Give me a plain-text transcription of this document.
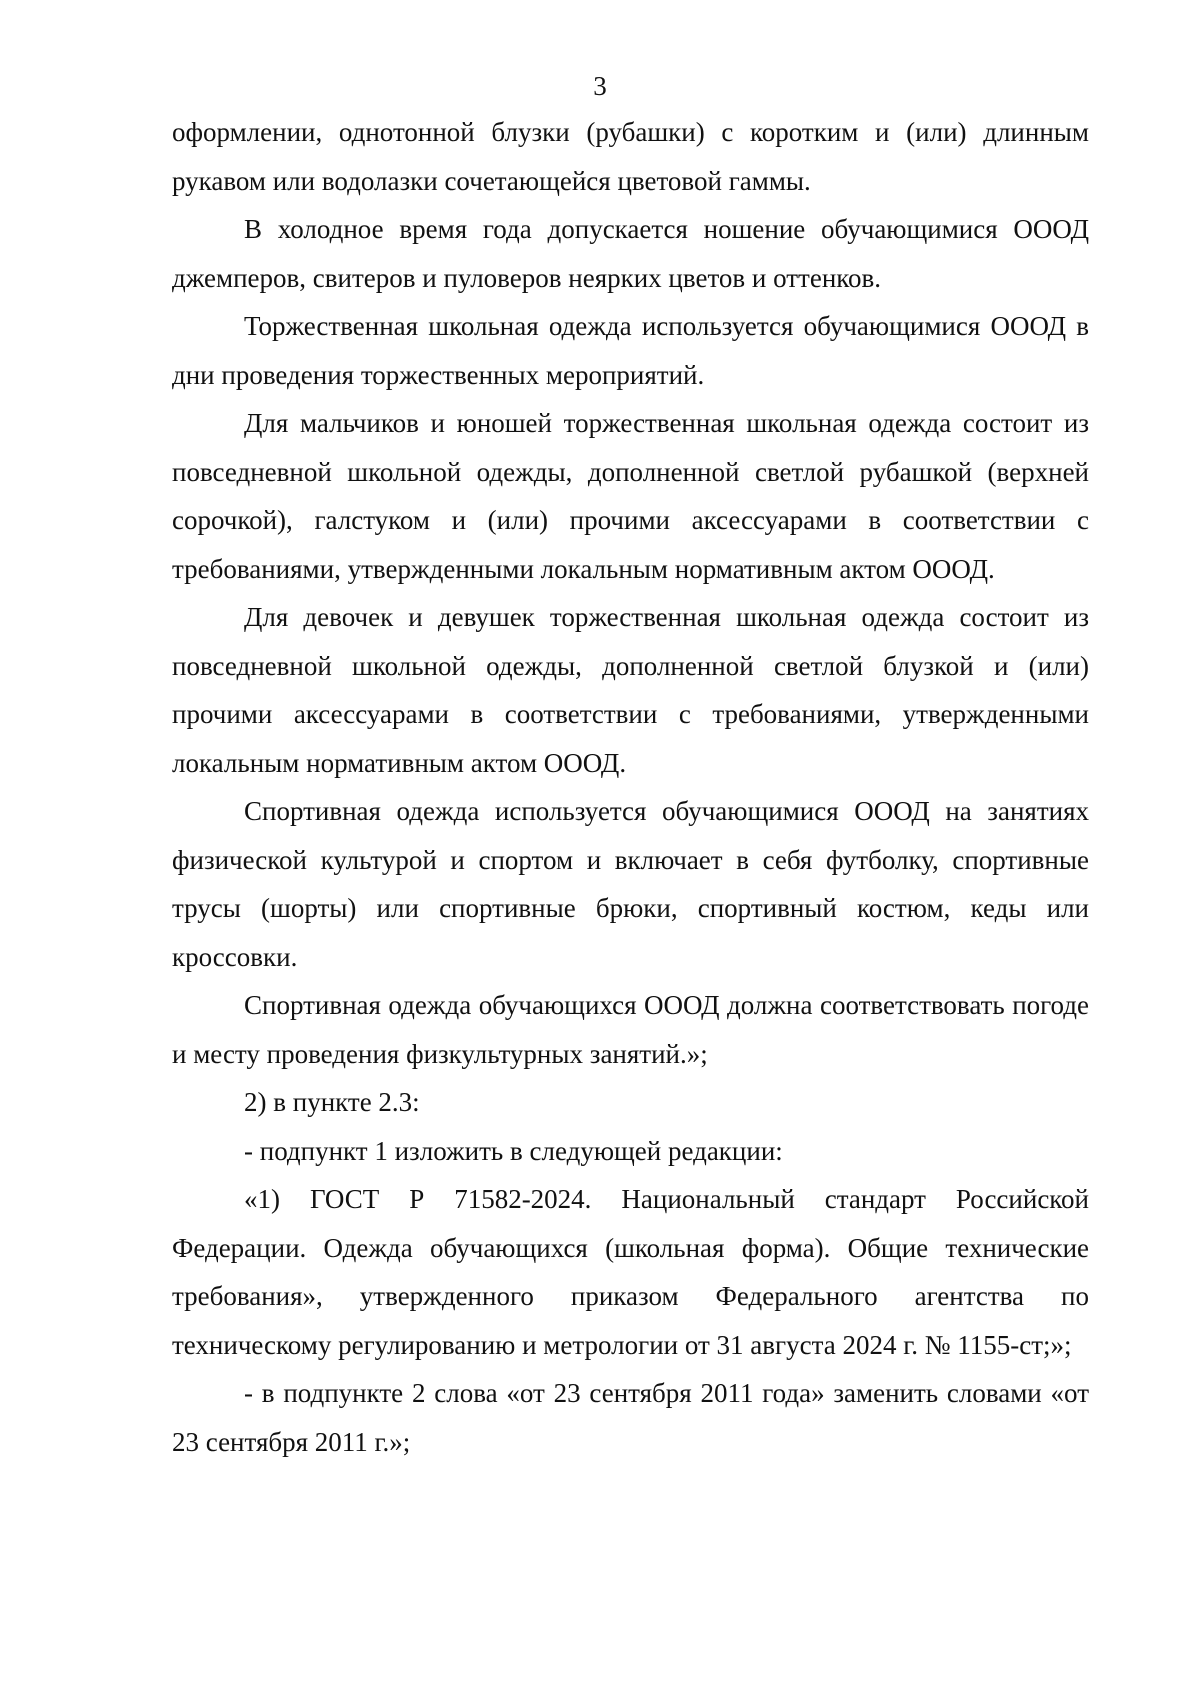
3

оформлении, однотонной блузки (рубашки) с коротким и (или) длинным рукавом или водолазки сочетающейся цветовой гаммы.

В холодное время года допускается ношение обучающимися ОООД джемперов, свитеров и пуловеров неярких цветов и оттенков.

Торжественная школьная одежда используется обучающимися ОООД в дни проведения торжественных мероприятий.

Для мальчиков и юношей торжественная школьная одежда состоит из повседневной школьной одежды, дополненной светлой рубашкой (верхней сорочкой), галстуком и (или) прочими аксессуарами в соответствии с требованиями, утвержденными локальным нормативным актом ОООД.

Для девочек и девушек торжественная школьная одежда состоит из повседневной школьной одежды, дополненной светлой блузкой и (или) прочими аксессуарами в соответствии с требованиями, утвержденными локальным нормативным актом ОООД.

Спортивная одежда используется обучающимися ОООД на занятиях физической культурой и спортом и включает в себя футболку, спортивные трусы (шорты) или спортивные брюки, спортивный костюм, кеды или кроссовки.

Спортивная одежда обучающихся ОООД должна соответствовать погоде и месту проведения физкультурных занятий.»;

2) в пункте 2.3:

- подпункт 1 изложить в следующей редакции:

«1) ГОСТ Р 71582-2024. Национальный стандарт Российской Федерации. Одежда обучающихся (школьная форма). Общие технические требования», утвержденного приказом Федерального агентства по техническому регулированию и метрологии от 31 августа 2024 г. № 1155-ст;»;

- в подпункте 2 слова «от 23 сентября 2011 года» заменить словами «от 23 сентября 2011 г.»;
